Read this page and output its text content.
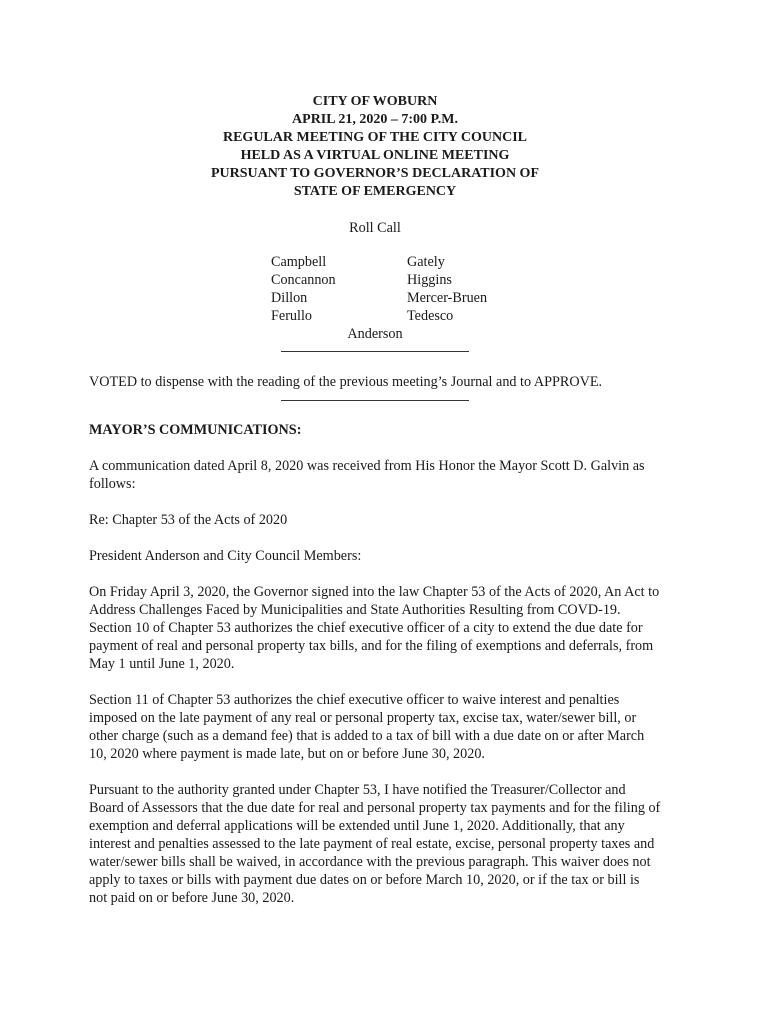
CITY OF WOBURN
APRIL 21, 2020 – 7:00 P.M.
REGULAR MEETING OF THE CITY COUNCIL
HELD AS A VIRTUAL ONLINE MEETING
PURSUANT TO GOVERNOR’S DECLARATION OF
STATE OF EMERGENCY
Roll Call
Campbell
Concannon
Dillon
Ferullo
Gately
Higgins
Mercer-Bruen
Tedesco
Anderson
VOTED to dispense with the reading of the previous meeting’s Journal and to APPROVE.
MAYOR’S COMMUNICATIONS:

A communication dated April 8, 2020 was received from His Honor the Mayor Scott D. Galvin as follows:

Re: Chapter 53 of the Acts of 2020

President Anderson and City Council Members:

On Friday April 3, 2020, the Governor signed into the law Chapter 53 of the Acts of 2020, An Act to Address Challenges Faced by Municipalities and State Authorities Resulting from COVD-19. Section 10 of Chapter 53 authorizes the chief executive officer of a city to extend the due date for payment of real and personal property tax bills, and for the filing of exemptions and deferrals, from May 1 until June 1, 2020.

Section 11 of Chapter 53 authorizes the chief executive officer to waive interest and penalties imposed on the late payment of any real or personal property tax, excise tax, water/sewer bill, or other charge (such as a demand fee) that is added to a tax of bill with a due date on or after March 10, 2020 where payment is made late, but on or before June 30, 2020.

Pursuant to the authority granted under Chapter 53, I have notified the Treasurer/Collector and Board of Assessors that the due date for real and personal property tax payments and for the filing of exemption and deferral applications will be extended until June 1, 2020. Additionally, that any interest and penalties assessed to the late payment of real estate, excise, personal property taxes and water/sewer bills shall be waived, in accordance with the previous paragraph. This waiver does not apply to taxes or bills with payment due dates on or before March 10, 2020, or if the tax or bill is not paid on or before June 30, 2020.
